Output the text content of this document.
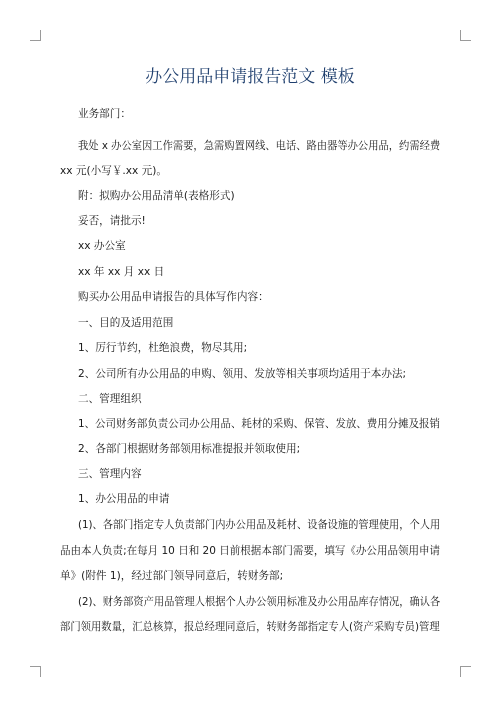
办公用品申请报告范文 模板
业务部门：
我处 x 办公室因工作需要，急需购置网线、电话、路由器等办公用品，约需经费
xx 元(小写￥.xx 元)。
附：拟购办公用品清单(表格形式)
妥否，请批示!
xx 办公室
xx 年 xx 月 xx 日
购买办公用品申请报告的具体写作内容：
一、目的及适用范围
1、厉行节约，杜绝浪费，物尽其用;
2、公司所有办公用品的申购、领用、发放等相关事项均适用于本办法;
二、管理组织
1、公司财务部负责公司办公用品、耗材的采购、保管、发放、费用分摊及报销
2、各部门根据财务部领用标准提报并领取使用;
三、管理内容
1、办公用品的申请
(1)、各部门指定专人负责部门内办公用品及耗材、设备设施的管理使用，个人用
品由本人负责;在每月 10 日和 20 日前根据本部门需要，填写《办公用品领用申请
单》(附件 1)，经过部门领导同意后，转财务部;
(2)、财务部资产用品管理人根据个人办公领用标准及办公用品库存情况，确认各
部门领用数量，汇总核算，报总经理同意后，转财务部指定专人(资产采购专员)管理
